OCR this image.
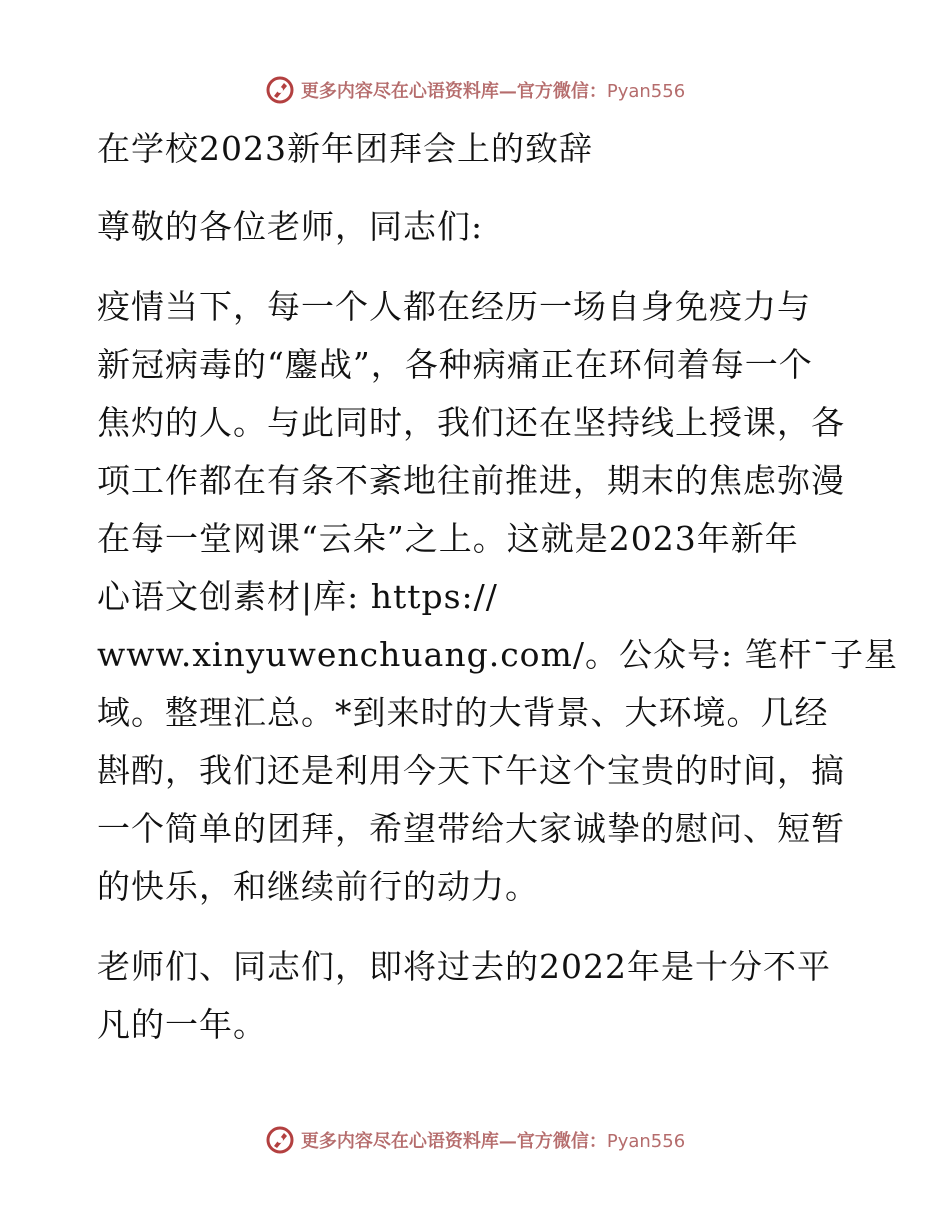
更多内容尽在心语资料库—官方微信：Pyan556

在学校2023新年团拜会上的致辞

尊敬的各位老师，同志们:

疫情当下，每一个人都在经历一场自身免疫力与
新冠病毒的“鏖战”，各种病痛正在环伺着每一个
焦灼的人。与此同时，我们还在坚持线上授课，各
项工作都在有条不紊地往前推进，期末的焦虑弥漫
在每一堂网课“云朵”之上。这就是2023年新年
心语文创素材|库: https://
www.xinyuwenchuang.com/。公众号: 笔杆¯子星
域。整理汇总。*到来时的大背景、大环境。几经
斟酌，我们还是利用今天下午这个宝贵的时间，搞
一个简单的团拜，希望带给大家诚挚的慰问、短暂
的快乐，和继续前行的动力。
老师们、同志们，即将过去的2022年是十分不平
凡的一年。
更多内容尽在心语资料库—官方微信：Pyan556
